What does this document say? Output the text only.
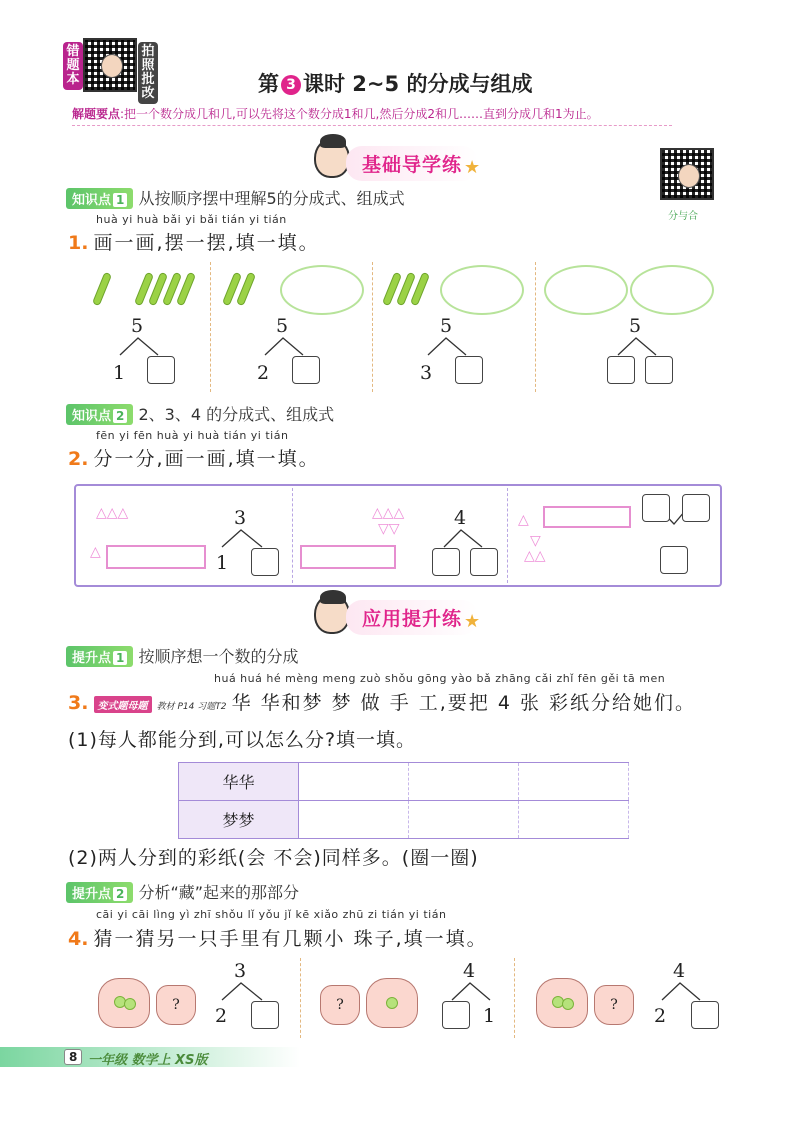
错题本
拍照批改	第 3 课时 2~5 的分成与组成
解题要点:把一个数分成几和几,可以先将这个数分成1和几,然后分成2和几……直到分成几和1为止。
分与合
基础导学练 ★
知识点 1 从按顺序摆中理解5的分成式、组成式
huà yi huà bǎi yi bǎi tián yi tián
1. 画一画,摆一摆,填一填。
5
1
5
2
5
3
5
知识点 2 2、3、4 的分成式、组成式
fēn yi fēn huà yi huà tián yi tián
2. 分一分,画一画,填一填。
△△△
△
3
1
△△△
▽▽	4	△
▽
△△
应用提升练 ★
提升点 1 按顺序想一个数的分成
huá huá hé mèng meng zuò shǒu gōng yào bǎ zhāng cǎi zhǐ fēn gěi tā men
3. 变式题母题 教材 P14 习题T2 华 华和梦 梦 做 手 工,要把 4 张 彩纸分给她们。
(1)每人都能分到,可以怎么分?填一填。
华华			
梦梦			
(2)两人分到的彩纸(会 不会)同样多。(圈一圈)
提升点 2 分析“藏”起来的那部分
cāi yi cāi lìng yì zhī shǒu lǐ yǒu jǐ kē xiǎo zhū zi tián yi tián
4. 猜一猜另一只手里有几颗小 珠子,填一填。
?
3
2	?
4
1	?
4
2
8 一年级 数学上 XS版
